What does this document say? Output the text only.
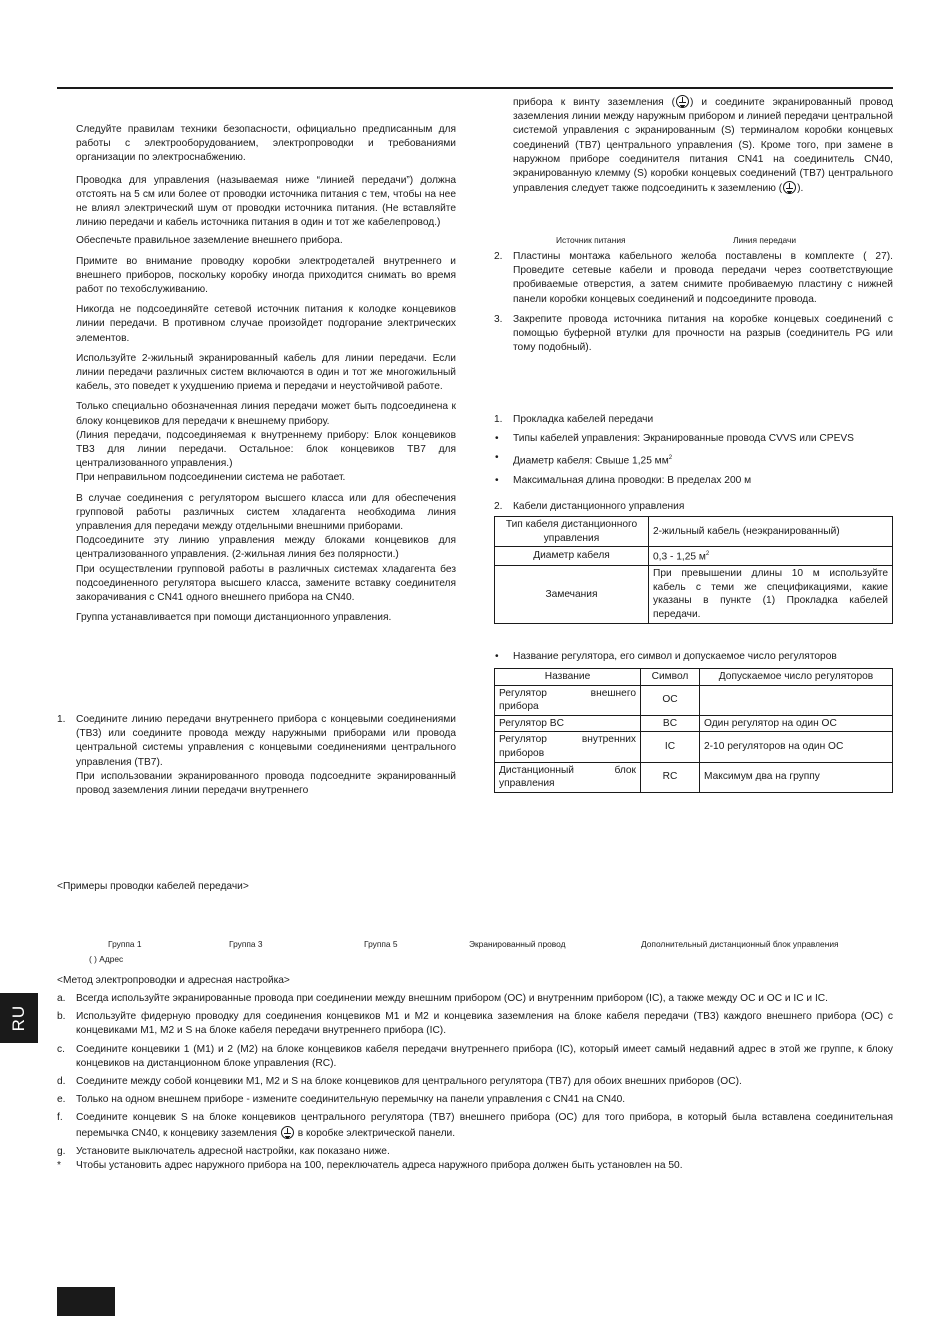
Следуйте правилам техники безопасности, официально предписанным для работы с электрооборудованием, электропроводки и требованиями организации по электроснабжению.

Проводка для управления (называемая ниже “линией передачи”) должна отстоять на 5 см или более от проводки источника питания с тем, чтобы на нее не влиял электрический шум от проводки источника питания. (Не вставляйте линию передачи и кабель источника питания в один и тот же кабелепровод.)

Обеспечьте правильное заземление внешнего прибора.

Примите во внимание проводку коробки электродеталей внутреннего и внешнего приборов, поскольку коробку иногда приходится снимать во время работ по техобслуживанию.

Никогда не подсоединяйте сетевой источник питания к колодке концевиков линии передачи. В противном случае произойдет подгорание электрических элементов.

Используйте 2-жильный экранированный кабель для линии передачи. Если линии передачи различных систем включаются в один и тот же многожильный кабель, это поведет к ухудшению приема и передачи и неустойчивой работе.

Только специально обозначенная линия передачи может быть подсоединена к блоку концевиков для передачи к внешнему прибору.

(Линия передачи, подсоединяемая к внутреннему прибору: Блок концевиков TB3 для линии передачи. Остальное: блок концевиков TB7 для централизованного управления.)

При неправильном подсоединении система не работает.

В случае соединения с регулятором высшего класса или для обеспечения групповой работы различных систем хладагента необходима линия управления для передачи между отдельными внешними приборами.

Подсоедините эту линию управления между блоками концевиков для централизованного управления. (2-жильная линия без полярности.)

При осуществлении групповой работы в различных системах хладагента без подсоединенного регулятора высшего класса, замените вставку соединителя закорачивания с CN41 одного внешнего прибора на CN40.

Группа устанавливается при помощи дистанционного управления.

1. Соедините линию передачи внутреннего прибора с концевыми соединениями (TB3) или соедините провода между наружными приборами или провода центральной системы управления с концевыми соединениями центрального управления (TB7).

При использовании экранированного провода подсоедните экранированный провод заземления линии передачи внутреннего

прибора к винту заземления ( ) и соедините экранированный провод заземления линии между наружным прибором и линией передачи центральной системой управления с экранированным (S) терминалом коробки концевых соединений (TB7) центрального управления (S). Кроме того, при замене в наружном приборе соединителя питания CN41 на соединитель CN40, экранированную клемму (S) коробки концевых соединений (TB7) центрального управления следует также подсоединить к заземлению ( ).

Источник питания	Линия передачи
2. Пластины монтажа кабельного желоба поставлены в комплекте ( 27). Проведите сетевые кабели и провода передачи через соответствующие пробиваемые отверстия, а затем снимите пробиваемую пластину с нижней панели коробки концевых соединений и подсоедините провода.

3. Закрепите провода источника питания на коробке концевых соединений с помощью буферной втулки для прочности на разрыв (соединитель PG или тому подобный).

1. Прокладка кабелей передачи

• Типы кабелей управления: Экранированные провода CVVS или CPEVS
• Диаметр кабеля: Свыше 1,25 $мм^2$
• Максимальная длина проводки: В пределах 200 м
2. Кабели дистанционного управления

Тип кабеля дистанционного управления	2-жильный кабель (неэкранированный)
Диаметр кабеля	0,3 - 1,25 $м^2$
Замечания	При превышении длины 10 м используйте кабель с теми же спецификациями, какие указаны в пункте (1) Прокладка кабелей передачи.
• Название регулятора, его символ и допускаемое число регуляторов
Название	Символ	Допускаемое число регуляторов
Регулятор внешнего прибора	OC	
Регулятор BC	BC	Один регулятор на один OC
Регулятор внутренних приборов	IC	2-10 регуляторов на один OC
Дистанционный блок управления	RC	Максимум два на группу
<Примеры проводки кабелей передачи>
Группа 1	Группа 3	Группа 5	Экранированный провод	Дополнительный дистанционный блок управления
( ) Адрес
<Метод электропроводки и адресная настройка>
a. Всегда используйте экранированные провода при соединении между внешним прибором (OC) и внутренним прибором (IC), а также между OC и OC и IC и IC.

b. Используйте фидерную проводку для соединения концевиков M1 и M2 и концевика заземления на блоке кабеля передачи (TB3) каждого внешнего прибора (OC) с концевиками M1, M2 и S на блоке кабеля передачи внутреннего прибора (IC).

c. Соедините концевики 1 (M1) и 2 (M2) на блоке концевиков кабеля передачи внутреннего прибора (IC), который имеет самый недавний адрес в этой же группе, к блоку концевиков на дистанционном блоке управления (RC).

d. Соедините между собой концевики M1, M2 и S на блоке концевиков для центрального регулятора (TB7) для обоих внешних приборов (OC).

e. Только на одном внешнем приборе - измените соединительную перемычку на панели управления с CN41 на CN40.

f. Соедините концевик S на блоке концевиков центрального регулятора (TB7) внешнего прибора (OC) для того прибора, в который была вставлена соединительная перемычка CN40, к концевику заземления  в коробке электрической панели.

g. Установите выключатель адресной настройки, как показано ниже.

* Чтобы установить адрес наружного прибора на 100, переключатель адреса наружного прибора должен быть установлен на 50.

RU
